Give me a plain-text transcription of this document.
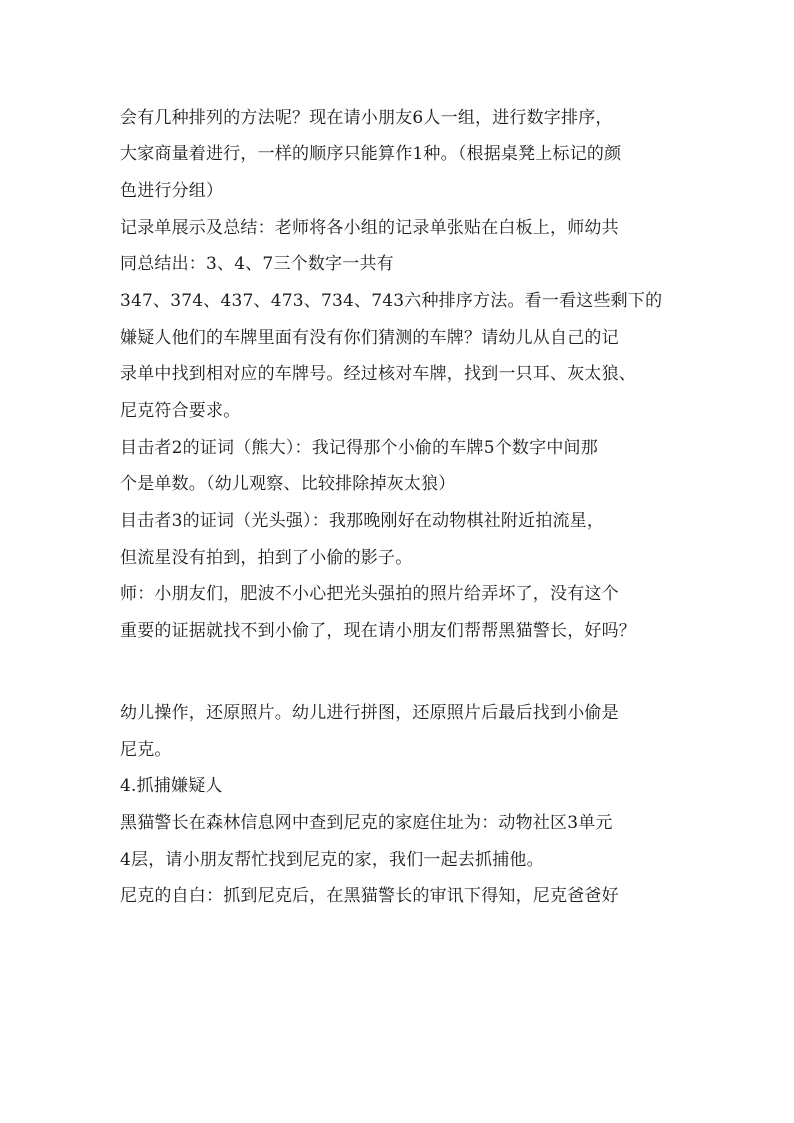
会有几种排列的方法呢？现在请小朋友6人一组，进行数字排序，
大家商量着进行，一样的顺序只能算作1种。（根据桌凳上标记的颜
色进行分组）
记录单展示及总结：老师将各小组的记录单张贴在白板上，师幼共
同总结出：3、4、7三个数字一共有
347、374、437、473、734、743六种排序方法。看一看这些剩下的
嫌疑人他们的车牌里面有没有你们猜测的车牌？请幼儿从自己的记
录单中找到相对应的车牌号。经过核对车牌，找到一只耳、灰太狼、
尼克符合要求。
目击者2的证词（熊大）：我记得那个小偷的车牌5个数字中间那
个是单数。（幼儿观察、比较排除掉灰太狼）
目击者3的证词（光头强）：我那晚刚好在动物棋社附近拍流星，
但流星没有拍到，拍到了小偷的影子。
师：小朋友们，肥波不小心把光头强拍的照片给弄坏了，没有这个
重要的证据就找不到小偷了，现在请小朋友们帮帮黑猫警长，好吗？
幼儿操作，还原照片。幼儿进行拼图，还原照片后最后找到小偷是
尼克。
4.抓捕嫌疑人
黑猫警长在森林信息网中查到尼克的家庭住址为：动物社区3单元
4层，请小朋友帮忙找到尼克的家，我们一起去抓捕他。
尼克的自白：抓到尼克后，在黑猫警长的审讯下得知，尼克爸爸好
